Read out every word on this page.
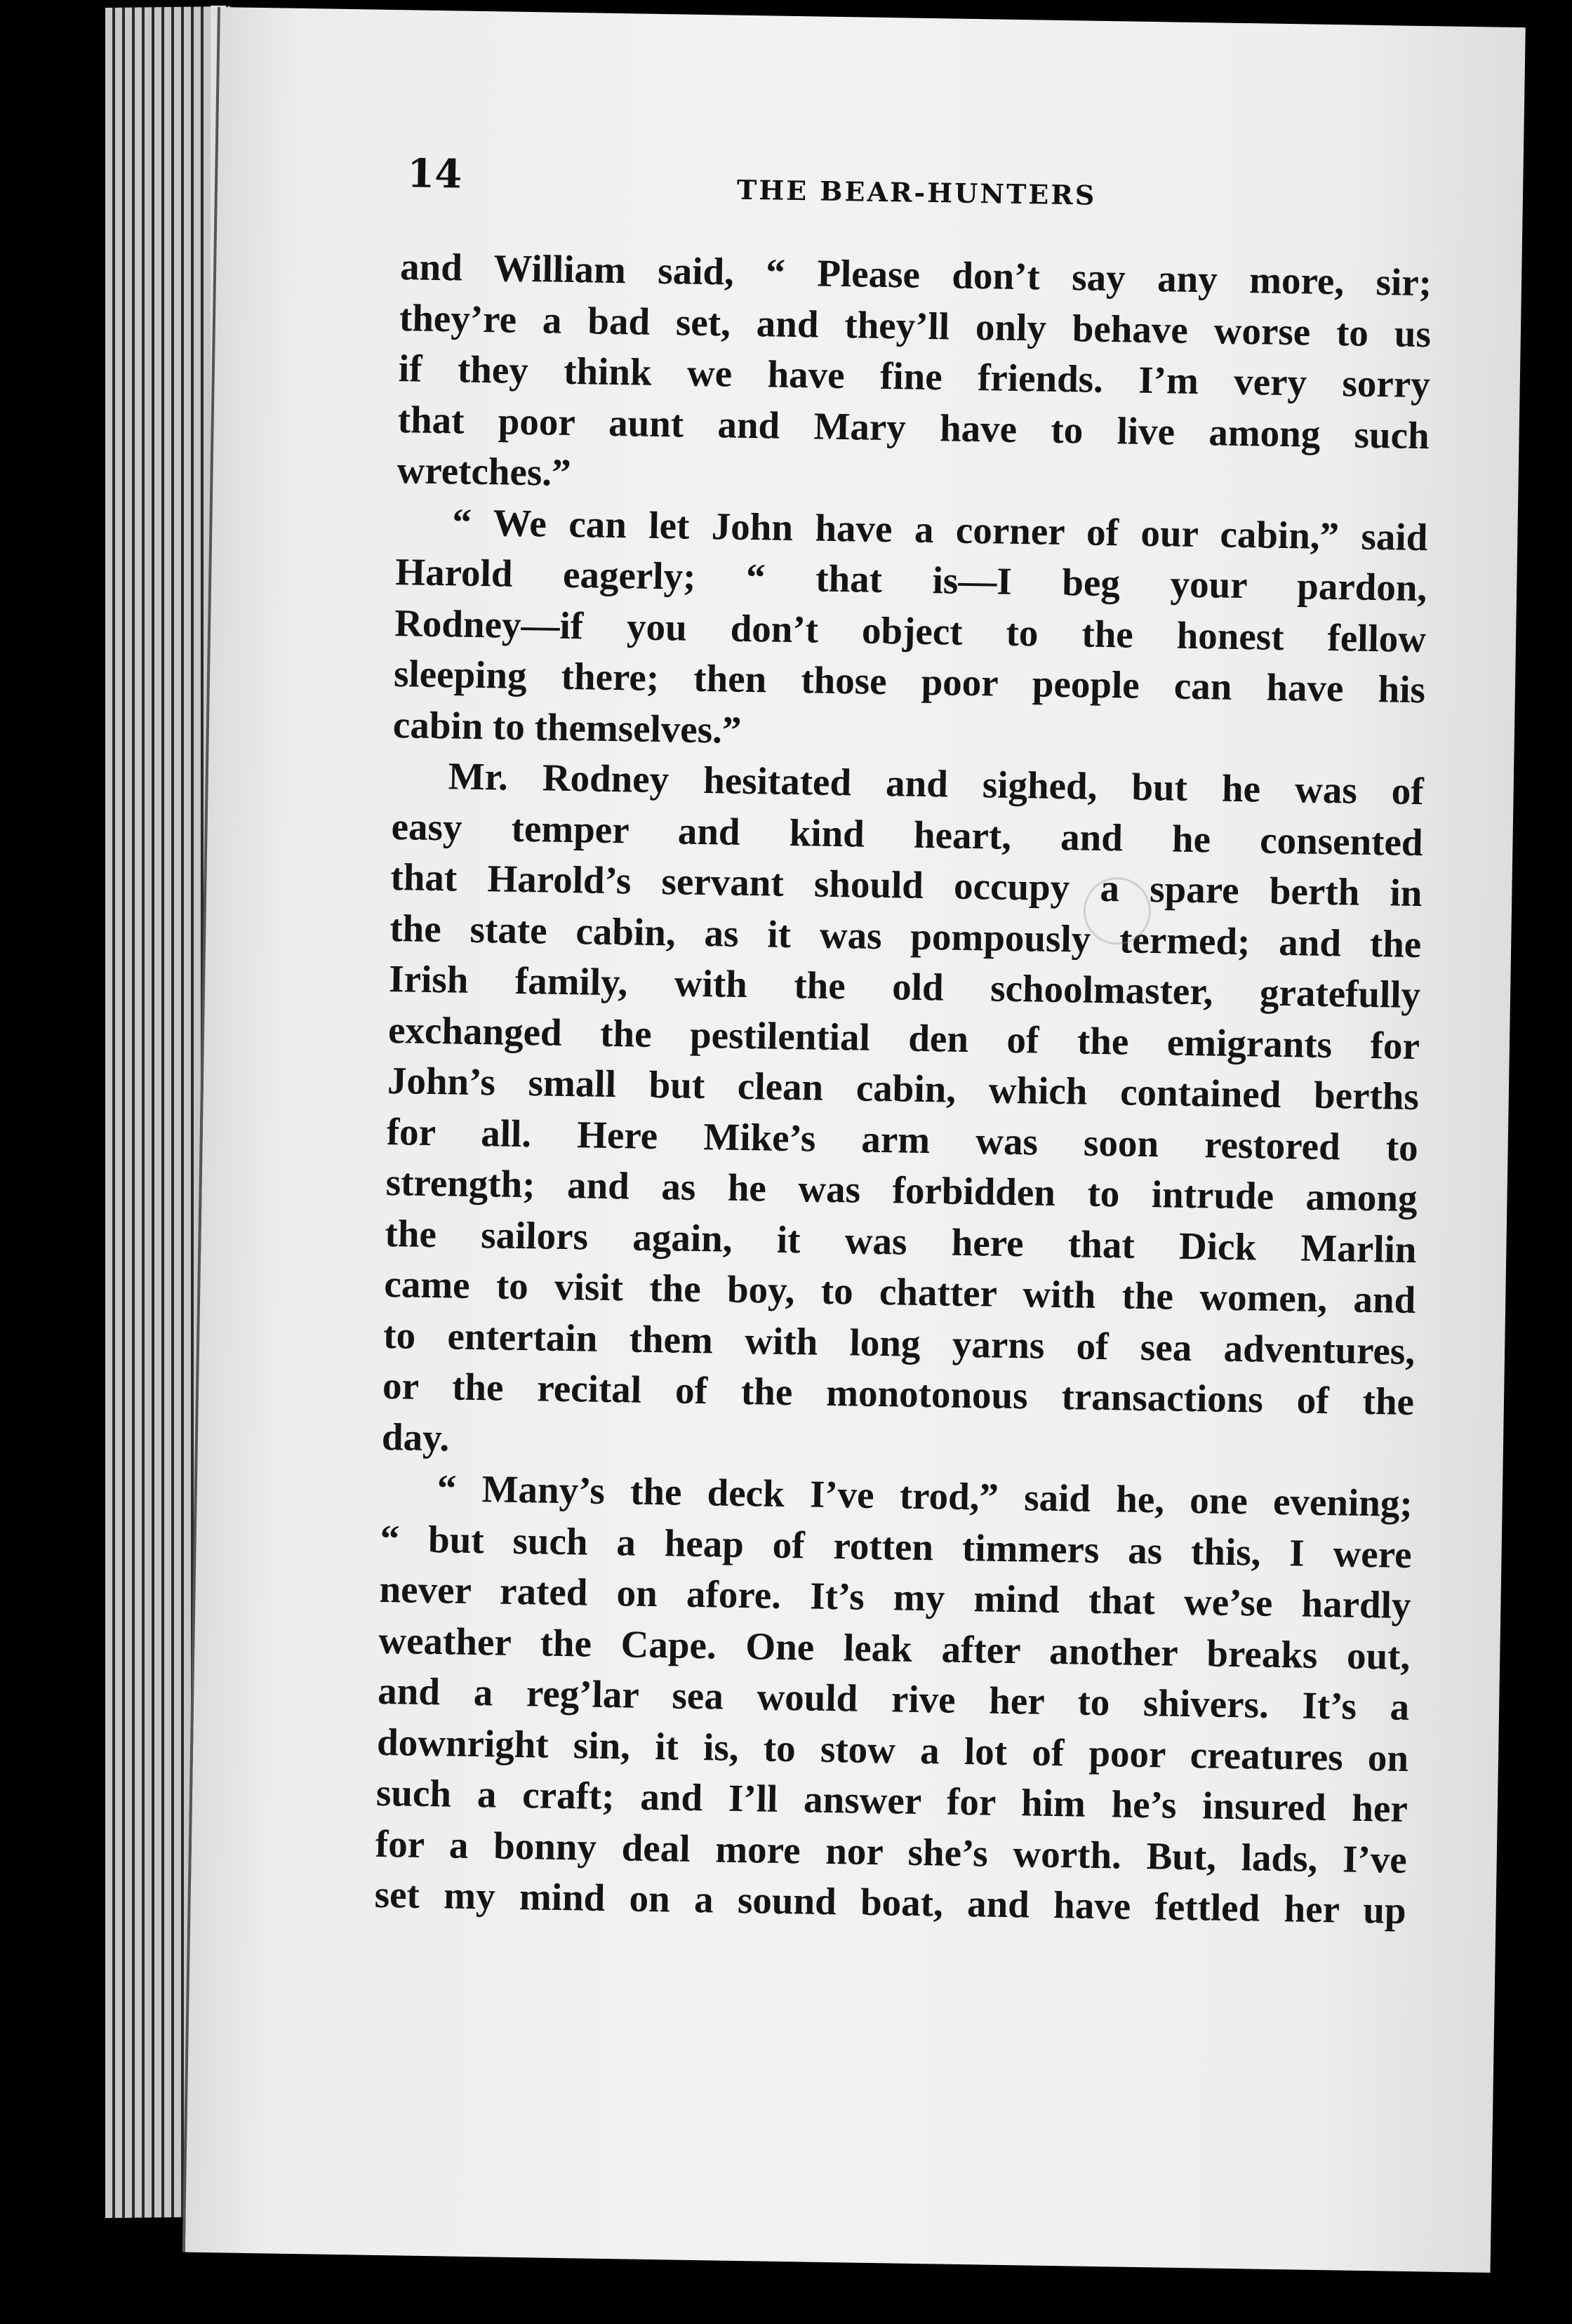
14	THE BEAR-HUNTERS
and William said, “ Please don’t say any more, sir;
they’re a bad set, and they’ll only behave worse to us
if they think we have fine friends. I’m very sorry
that poor aunt and Mary have to live among such
wretches.”
“ We can let John have a corner of our cabin,” said
Harold eagerly; “ that is—I beg your pardon,
Rodney—if you don’t object to the honest fellow
sleeping there; then those poor people can have his
cabin to themselves.”
Mr. Rodney hesitated and sighed, but he was of
easy temper and kind heart, and he consented
that Harold’s servant should occupy a spare berth in
the state cabin, as it was pompously termed; and the
Irish family, with the old schoolmaster, gratefully
exchanged the pestilential den of the emigrants for
John’s small but clean cabin, which contained berths
for all. Here Mike’s arm was soon restored to
strength; and as he was forbidden to intrude among
the sailors again, it was here that Dick Marlin
came to visit the boy, to chatter with the women, and
to entertain them with long yarns of sea adventures,
or the recital of the monotonous transactions of the
day.
“ Many’s the deck I’ve trod,” said he, one evening;
“ but such a heap of rotten timmers as this, I were
never rated on afore. It’s my mind that we’se hardly
weather the Cape. One leak after another breaks out,
and a reg’lar sea would rive her to shivers. It’s a
downright sin, it is, to stow a lot of poor creatures on
such a craft; and I’ll answer for him he’s insured her
for a bonny deal more nor she’s worth. But, lads, I’ve
set my mind on a sound boat, and have fettled her up
